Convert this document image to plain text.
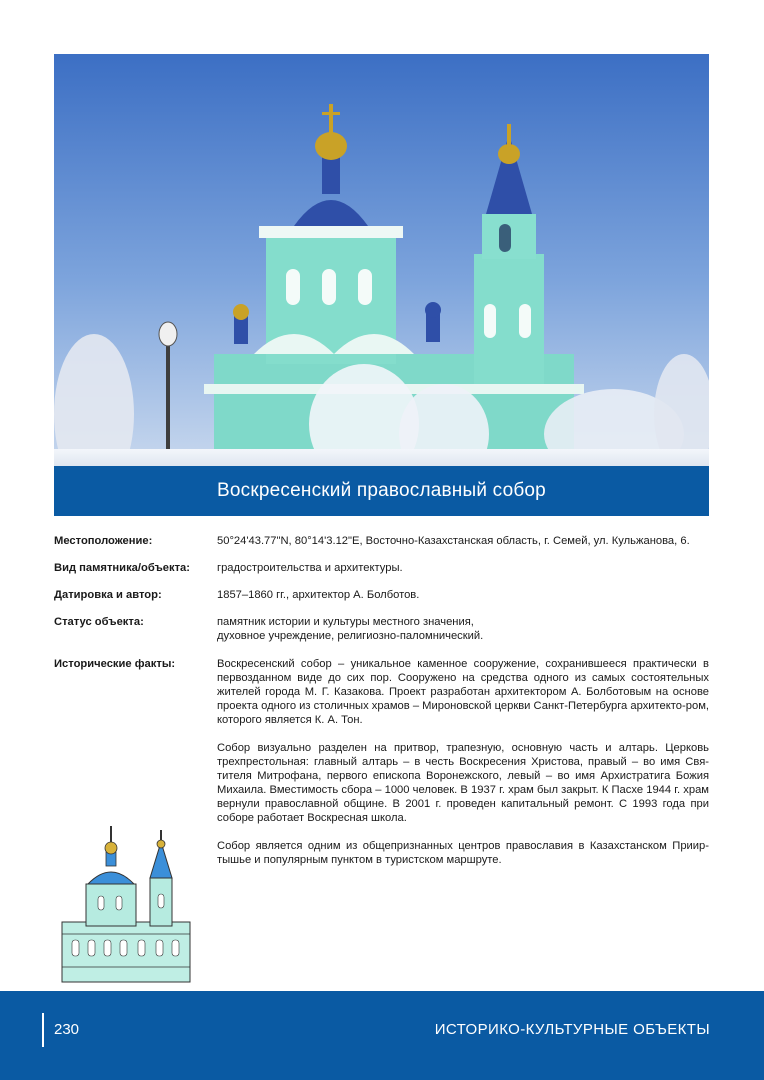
Воскресенский православный собор
Местоположение:	50°24'43.77"N, 80°14'3.12"E, Восточно-Казахстанская область, г. Семей, ул. Кульжанова, 6.
Вид памятника/объекта:	градостроительства и архитектуры.
Датировка и автор:	1857–1860 гг., архитектор А. Болботов.
Статус объекта:	памятник истории и культуры местного значения,
духовное учреждение, религиозно-паломнический.
Исторические факты:	Воскресенский собор – уникальное каменное сооружение, сохранившееся практически в первозданном виде до сих пор. Сооружено на средства одного из самых состоятельных жителей города М. Г. Казакова. Проект разработан архитектором А. Болботовым на основе проекта одного из столичных храмов – Мироновской церкви Санкт-Петербурга архитекто-ром, которого является К. А. Тон.

Собор визуально разделен на притвор, трапезную, основную часть и алтарь. Церковь трехпрестольная: главный алтарь – в честь Воскресения Христова, правый – во имя Свя-тителя Митрофана, первого епископа Воронежского, левый – во имя Архистратига Божия Михаила. Вместимость сбора – 1000 человек. В 1937 г. храм был закрыт. К Пасхе 1944 г. храм вернули православной общине. В 2001 г. проведен капитальный ремонт. С 1993 года при соборе работает Воскресная школа.

Собор является одним из общепризнанных центров православия в Казахстанском Приир-тышье и популярным пунктом в туристском маршруте.

230	ИСТОРИКО-КУЛЬТУРНЫЕ ОБЪЕКТЫ
